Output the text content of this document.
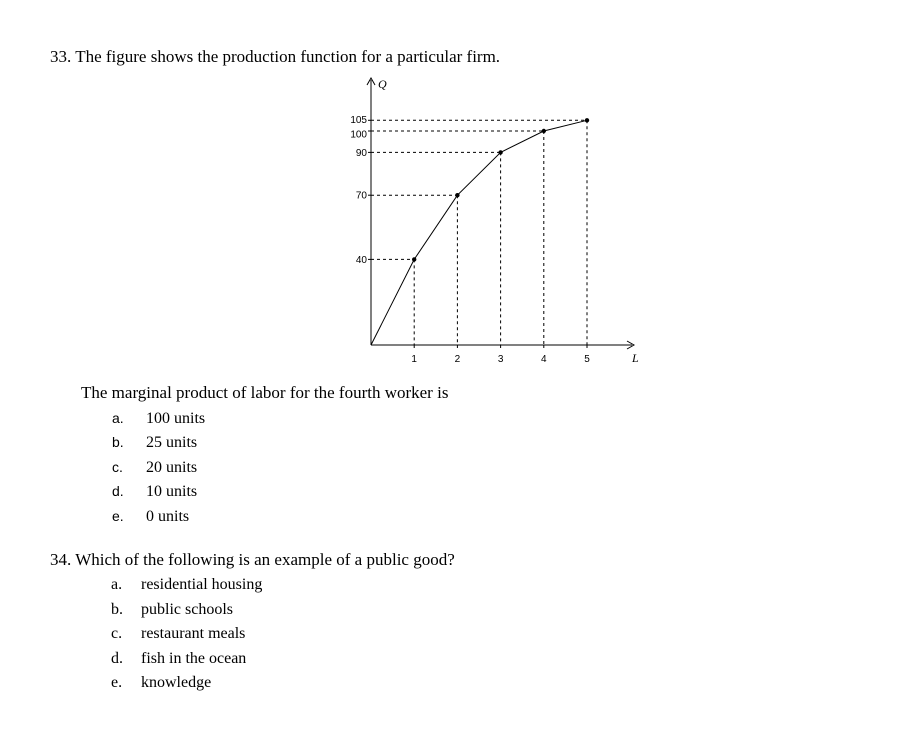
33. The figure shows the production function for a particular firm.
Q
L
1	2	3	4	5
40
70
90
100
105
The marginal product of labor for the fourth worker is
a. 100 units
b. 25 units
c. 20 units
d. 10 units
e. 0 units
34. Which of the following is an example of a public good?
a. residential housing
b. public schools
c. restaurant meals
d. fish in the ocean
e. knowledge
